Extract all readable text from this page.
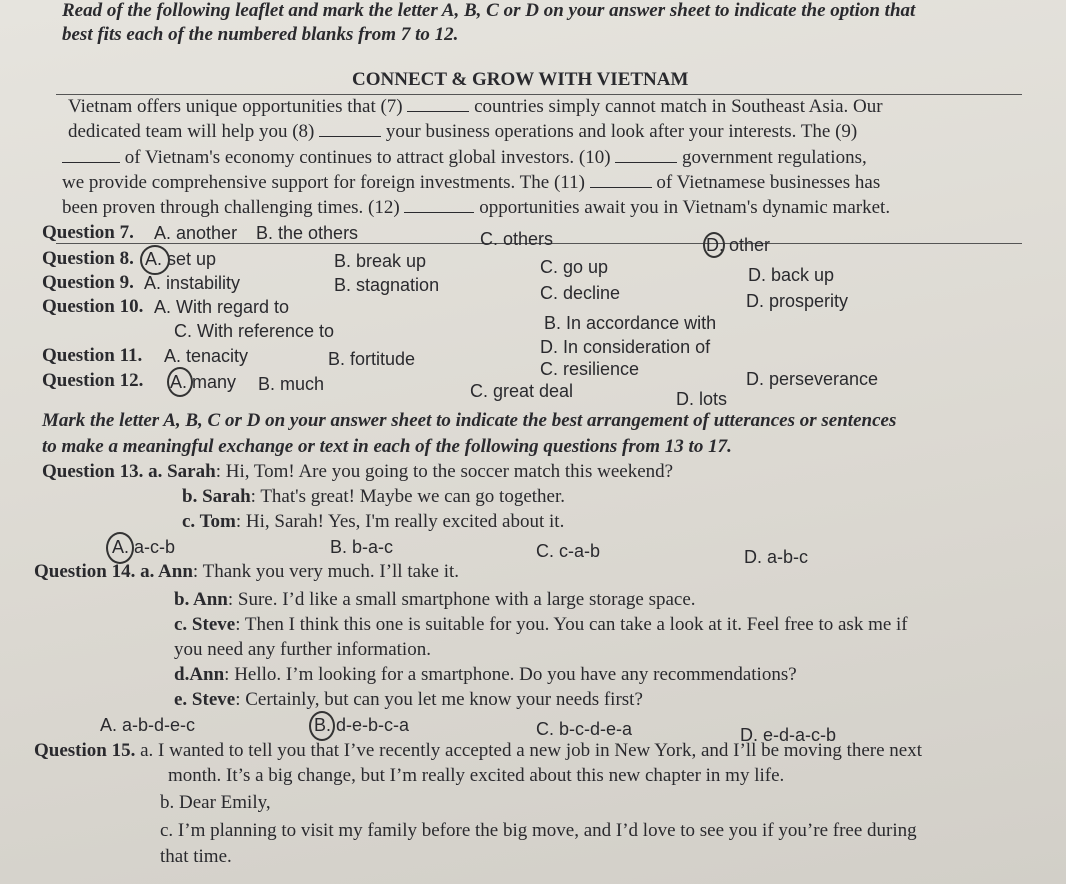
Read of the following leaflet and mark the letter A, B, C or D on your answer sheet to indicate the option that
best fits each of the numbered blanks from 7 to 12.
CONNECT & GROW WITH VIETNAM
Vietnam offers unique opportunities that (7)	countries simply cannot match in Southeast Asia. Our
dedicated team will help you (8)	your business operations and look after your interests. The (9)
of Vietnam's economy continues to attract global investors. (10)	government regulations,
we provide comprehensive support for foreign investments. The (11)	of Vietnamese businesses has
been proven through challenging times. (12)	opportunities await you in Vietnam's dynamic market.
Question 7. A. another B. the others	C. others	D. other
Question 8. A. set up	B. break up	C. go up	D. back up
Question 9. A. instability	B. stagnation	C. decline	D. prosperity
Question 10. A. With regard to
B. In accordance with
C. With reference to
D. In consideration of
Question 11. A. tenacity	B. fortitude	C. resilience	D. perseverance
Question 12. A. many B. much	C. great deal	D. lots
Mark the letter A, B, C or D on your answer sheet to indicate the best arrangement of utterances or sentences
to make a meaningful exchange or text in each of the following questions from 13 to 17.
Question 13. a. Sarah: Hi, Tom! Are you going to the soccer match this weekend?
b. Sarah: That's great! Maybe we can go together.
c. Tom: Hi, Sarah! Yes, I'm really excited about it.
A. a-c-b	B. b-a-c	C. c-a-b	D. a-b-c
Question 14. a. Ann: Thank you very much. I’ll take it.
b. Ann: Sure. I’d like a small smartphone with a large storage space.
c. Steve: Then I think this one is suitable for you. You can take a look at it. Feel free to ask me if
you need any further information.
d.Ann: Hello. I’m looking for a smartphone. Do you have any recommendations?
e. Steve: Certainly, but can you let me know your needs first?
A. a-b-d-e-c	B. d-e-b-c-a	C. b-c-d-e-a	D. e-d-a-c-b
Question 15. a. I wanted to tell you that I’ve recently accepted a new job in New York, and I’ll be moving there next
month. It’s a big change, but I’m really excited about this new chapter in my life.
b. Dear Emily,
c. I’m planning to visit my family before the big move, and I’d love to see you if you’re free during
that time.
